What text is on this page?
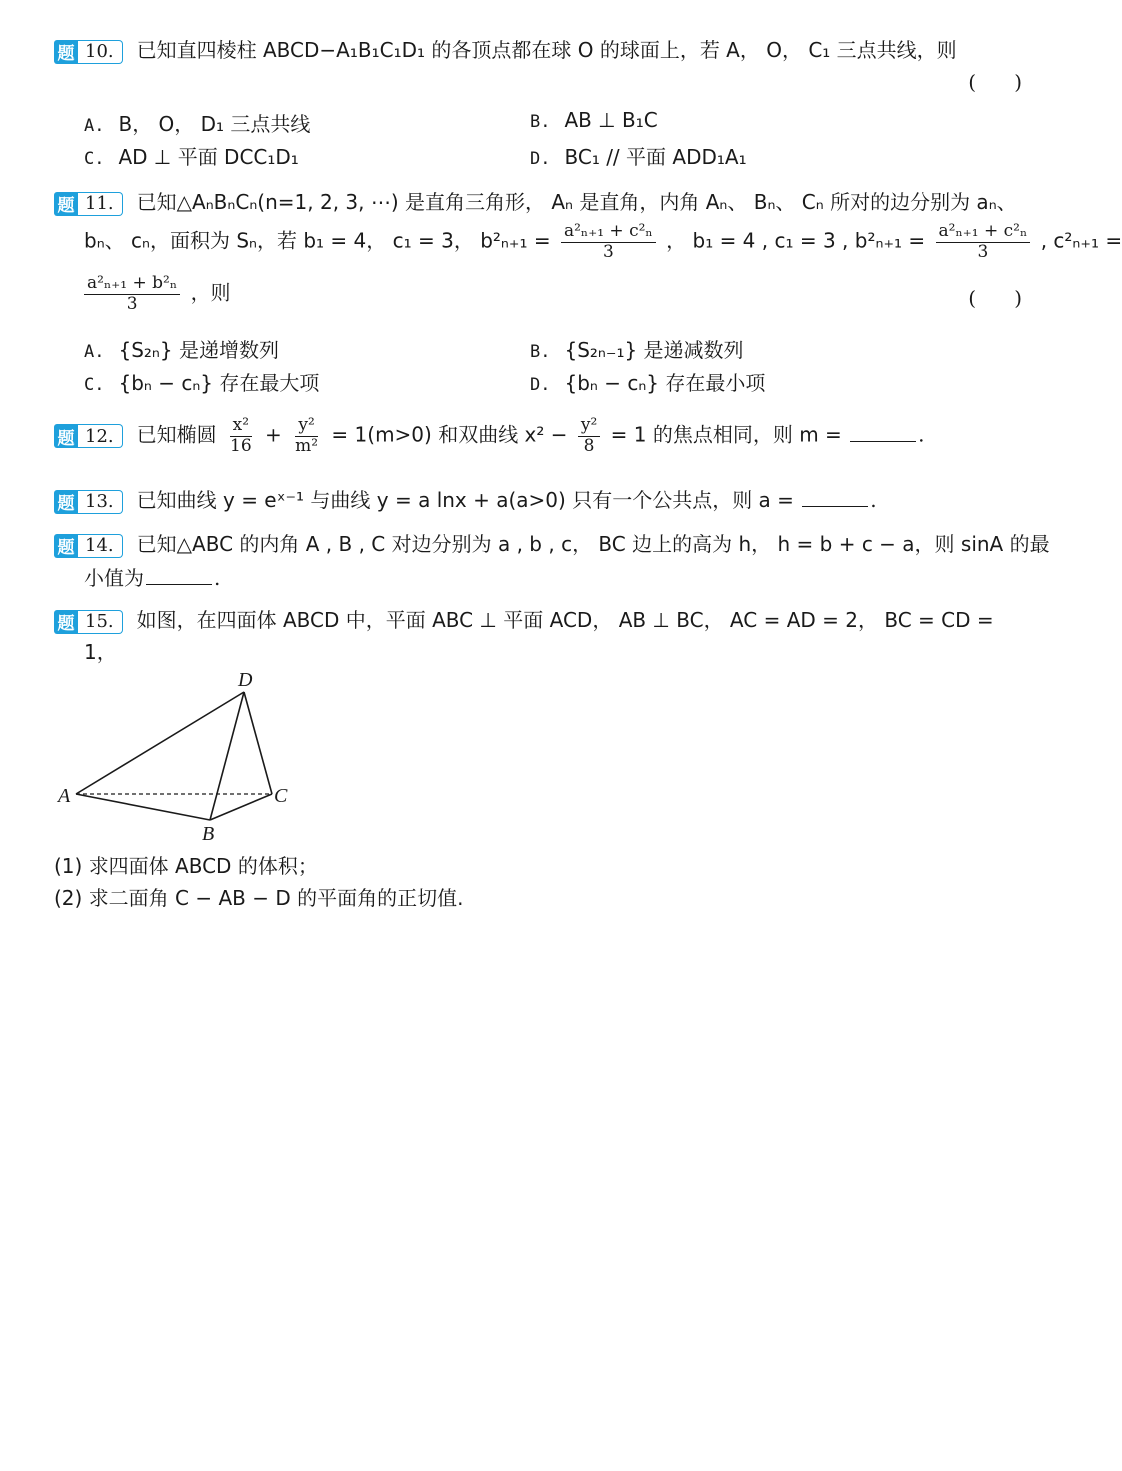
题 10.	已知直四棱柱 ABCD−A₁B₁C₁D₁ 的各顶点都在球 O 的球面上，若 A， O， C₁ 三点共线，则
(      )
A. B， O， D₁ 三点共线	B. AB ⊥ B₁C
C. AD ⊥ 平面 DCC₁D₁	D. BC₁ // 平面 ADD₁A₁
题 11.	已知△AₙBₙCₙ(n=1, 2, 3, ⋯) 是直角三角形， Aₙ 是直角，内角 Aₙ、 Bₙ、 Cₙ 所对的边分别为 aₙ、
bₙ、 cₙ，面积为 Sₙ，若 b₁ = 4， c₁ = 3， $b^2_{n+1} = \frac{\text{a²ₙ₊₁ + c²ₙ}}{3}$ ， b₁ = 4 , c₁ = 3 , $b^2_{n+1} = \frac{\text{a²ₙ₊₁ + c²ₙ}}{3}$ , c²ₙ₊₁ =
$\frac{\text{a²ₙ₊₁ + b²ₙ}}{3}$ ，则	(      )
A. {S₂ₙ} 是递增数列	B. {S₂ₙ₋₁} 是递减数列
C. {bₙ − cₙ} 存在最大项	D. {bₙ − cₙ} 存在最小项
题 12.	已知椭圆 $\frac{\text{x²}}{16} + \frac{\text{y²}}{\text{m²}} = 1(m>0)$ 和双曲线 $x^2 - \frac{\text{y²}}{8} = 1$ 的焦点相同，则 m =	.
题 13.	已知曲线 y = eˣ⁻¹ 与曲线 y = a lnx + a(a>0) 只有一个公共点，则 a =	.
题 14.	已知△ABC 的内角 A , B , C 对边分别为 a , b , c， BC 边上的高为 h， h = b + c − a，则 sinA 的最
小值为	.
题 15.	如图，在四面体 ABCD 中，平面 ABC ⊥ 平面 ACD， AB ⊥ BC， AC = AD = 2， BC = CD =
1，
D
A	C
B
(1) 求四面体 ABCD 的体积；
(2) 求二面角 C − AB − D 的平面角的正切值.
